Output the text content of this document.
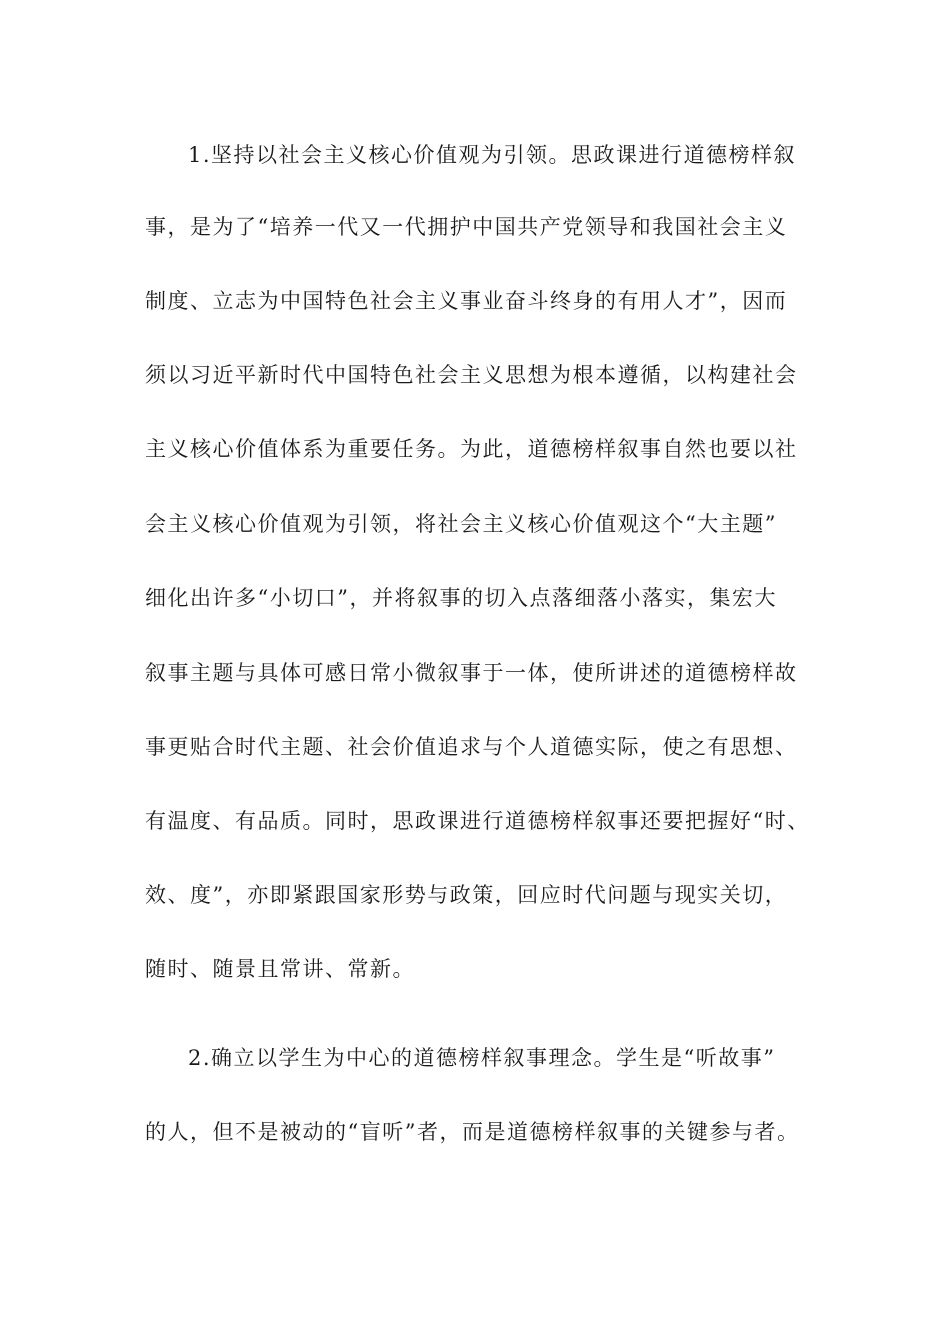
1.坚持以社会主义核心价值观为引领。思政课进行道德榜样叙
事，是为了“培养一代又一代拥护中国共产党领导和我国社会主义
制度、立志为中国特色社会主义事业奋斗终身的有用人才”，因而
须以习近平新时代中国特色社会主义思想为根本遵循，以构建社会
主义核心价值体系为重要任务。为此，道德榜样叙事自然也要以社
会主义核心价值观为引领，将社会主义核心价值观这个“大主题”
细化出许多“小切口”，并将叙事的切入点落细落小落实，集宏大
叙事主题与具体可感日常小微叙事于一体，使所讲述的道德榜样故
事更贴合时代主题、社会价值追求与个人道德实际，使之有思想、
有温度、有品质。同时，思政课进行道德榜样叙事还要把握好“时、
效、度”，亦即紧跟国家形势与政策，回应时代问题与现实关切，
随时、随景且常讲、常新。
2.确立以学生为中心的道德榜样叙事理念。学生是“听故事”
的人，但不是被动的“盲听”者，而是道德榜样叙事的关键参与者。
